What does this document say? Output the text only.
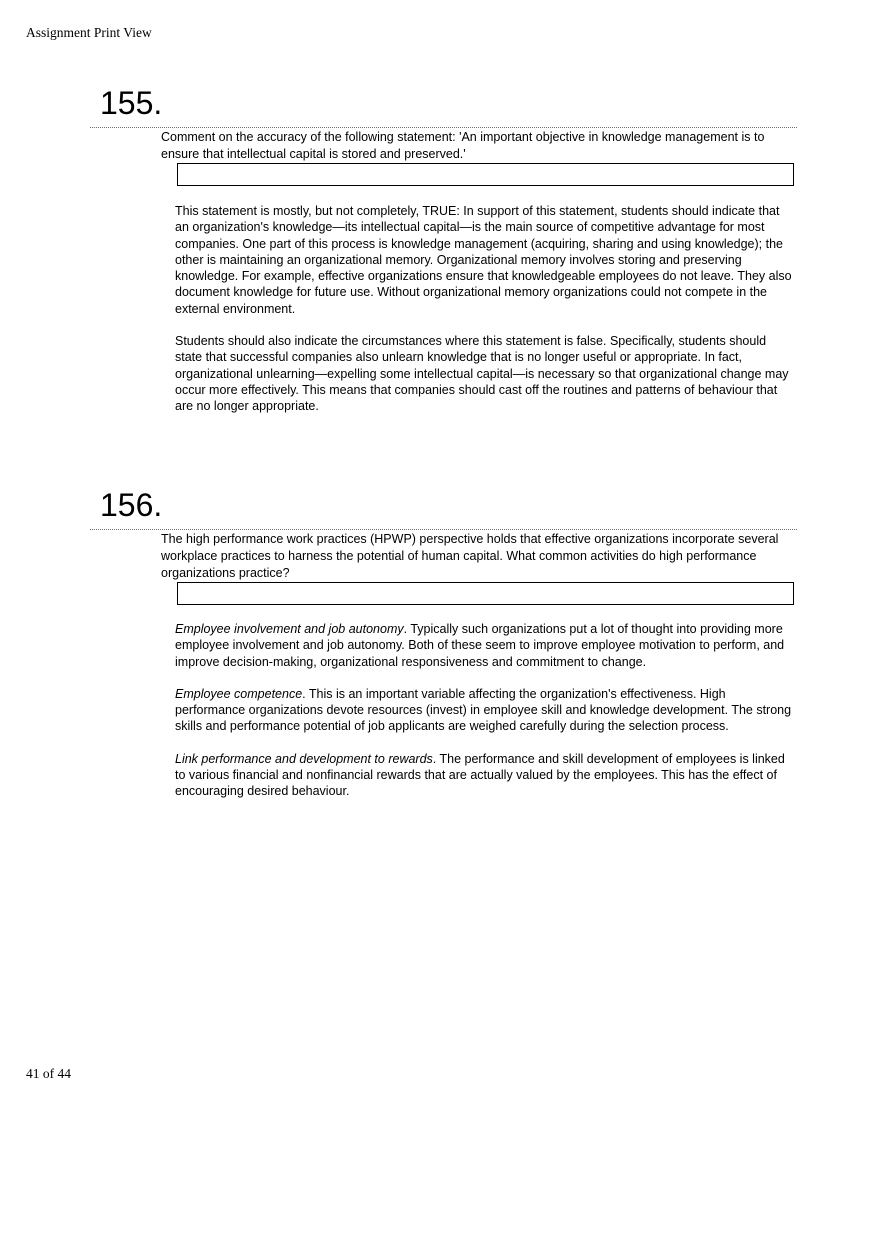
Assignment Print View
155.
Comment on the accuracy of the following statement: 'An important objective in knowledge management is to ensure that intellectual capital is stored and preserved.'

This statement is mostly, but not completely, TRUE: In support of this statement, students should indicate that an organization's knowledge—its intellectual capital—is the main source of competitive advantage for most companies. One part of this process is knowledge management (acquiring, sharing and using knowledge); the other is maintaining an organizational memory. Organizational memory involves storing and preserving knowledge. For example, effective organizations ensure that knowledgeable employees do not leave. They also document knowledge for future use. Without organizational memory organizations could not compete in the external environment.

Students should also indicate the circumstances where this statement is false. Specifically, students should state that successful companies also unlearn knowledge that is no longer useful or appropriate. In fact, organizational unlearning—expelling some intellectual capital—is necessary so that organizational change may occur more effectively. This means that companies should cast off the routines and patterns of behaviour that are no longer appropriate.

156.
The high performance work practices (HPWP) perspective holds that effective organizations incorporate several workplace practices to harness the potential of human capital. What common activities do high performance organizations practice?

Employee involvement and job autonomy. Typically such organizations put a lot of thought into providing more employee involvement and job autonomy. Both of these seem to improve employee motivation to perform, and improve decision-making, organizational responsiveness and commitment to change.

Employee competence. This is an important variable affecting the organization's effectiveness. High performance organizations devote resources (invest) in employee skill and knowledge development. The strong skills and performance potential of job applicants are weighed carefully during the selection process.

Link performance and development to rewards. The performance and skill development of employees is linked to various financial and nonfinancial rewards that are actually valued by the employees. This has the effect of encouraging desired behaviour.

41 of 44
